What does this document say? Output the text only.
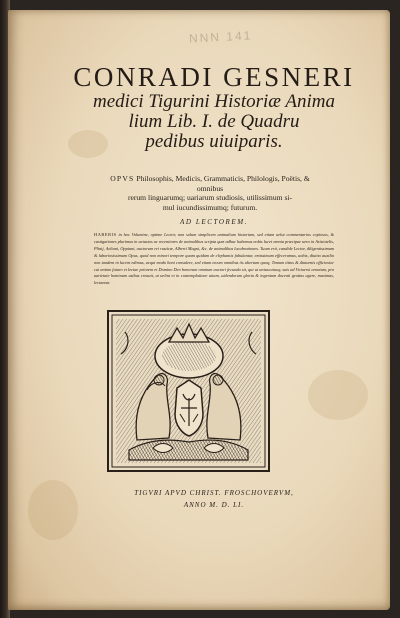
NNN 141
CONRADI GESNERI
medici Tigurini Historiæ Anima
lium Lib. I. de Quadru
pedibus uiuiparis.
OPVS Philosophis, Medicis, Grammaticis, Philologis, Poëtis, & omnibus
rerum linguarumq; uariarum studiosis, utilissimum si-
mul iucundissimumq; futurum.
AD LECTOREM.
HABEBIS in hoc Volumine, optime Lector, non solum simplicem animalium historiam, sed etiam uelut commentarios copiosos, & castigationes plurimas in uetustos ac recentiores de animalibus scripta quæ adhuc habemus nobis lucet omnia præcipue uero in Aristotelis, Plinij, Aeliani, Oppiani, auctorum rei rusticæ, Alberti Magni, &c. de animalibus lucubrationes. Tuum erit, candide Lector, diligentissimum & laboriosissimum Opus, quod non minori tempore quam quidam de elephantis fabulantur, emissimum effeceramus, uobis, diuino auxilio non tandem in lucem edimus, aequi modo boni consulere, sed etiam tecum omnibus iis altertum quoq; Tomum titius & diuturnis officiosior cui animo futuro et lectae priorem et Domino Deo bonorum omnium auctori fecunda sit, qui ut uniuscuiusq; suis ad Vniuersi ornatum, pro uarietate hominum usibus creauit, ut uelint et in contemplatione uitam, uidendorum gloria & ingenium docenti gratias agere, maximas, lectantur.
TIGVRI APVD CHRIST. FROSCHOVERVM,
ANNO M. D. LI.
